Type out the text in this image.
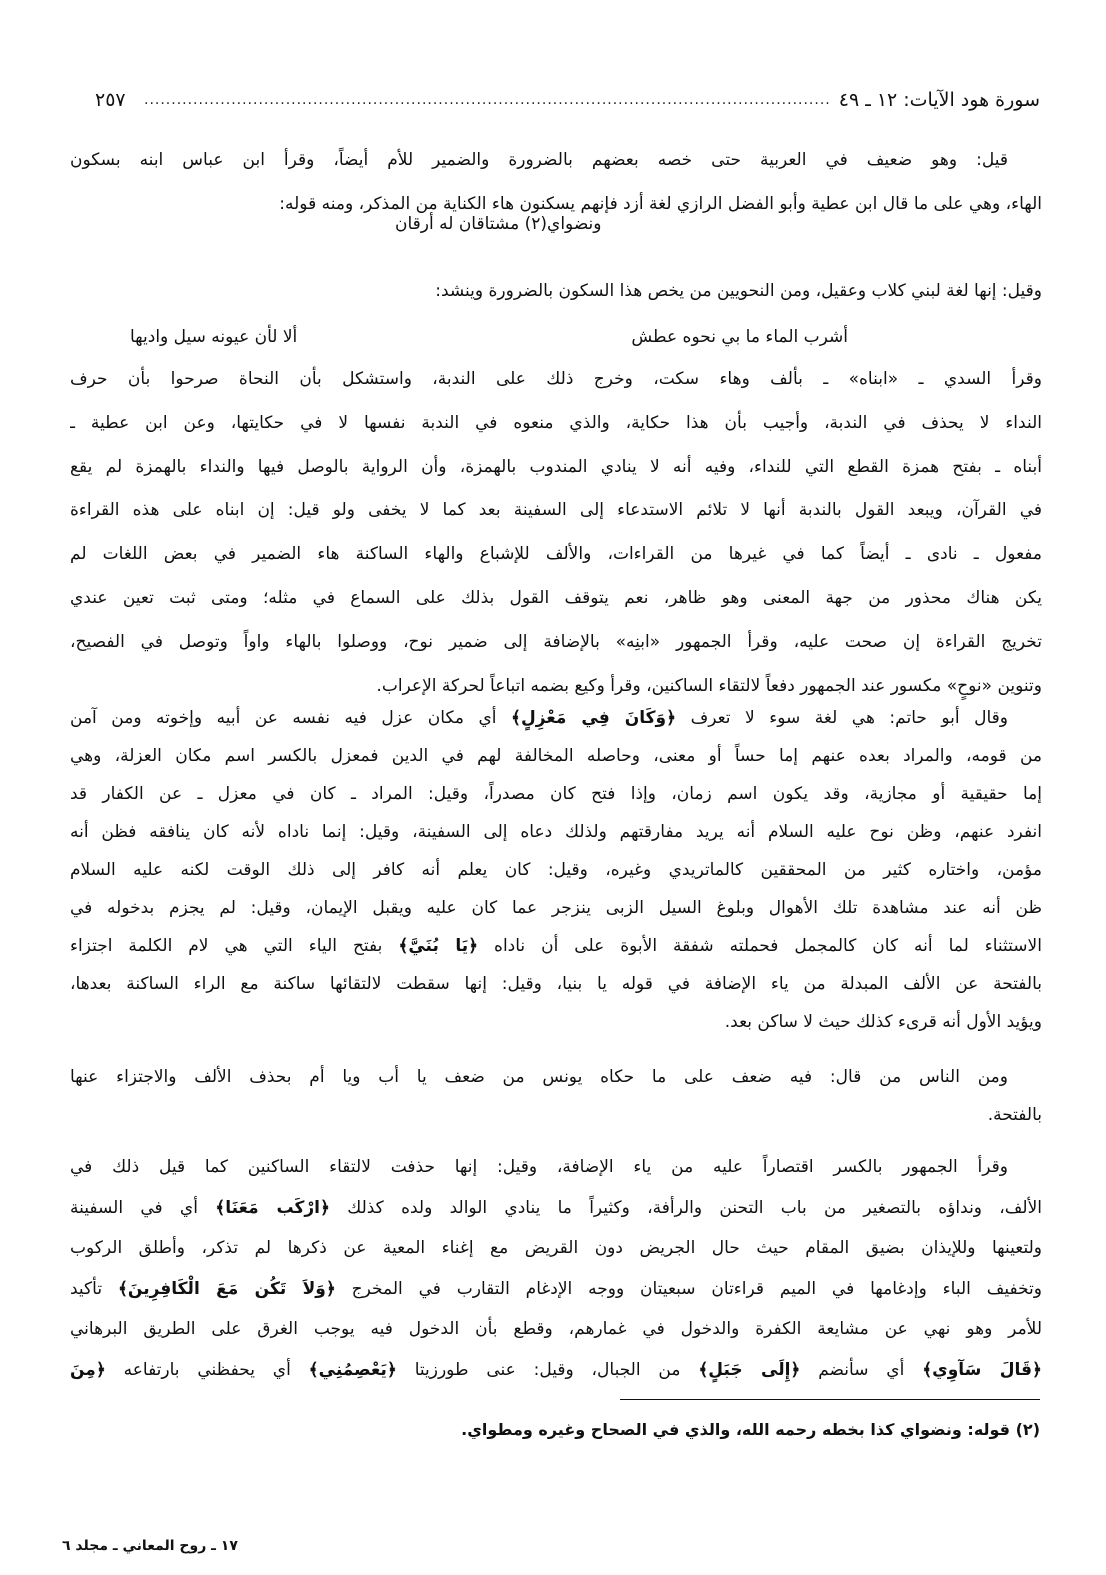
سورة هود الآيات: ١٢ ـ ٤٩
..............................................................................................................................
٢٥٧
قيل: وهو ضعيف في العربية حتى خصه بعضهم بالضرورة والضمير للأم أيضاً، وقرأ ابن عباس ابنه بسكون
الهاء، وهي على ما قال ابن عطية وأبو الفضل الرازي لغة أزد فإنهم يسكنون هاء الكناية من المذكر، ومنه قوله:
وقيل: إنها لغة لبني كلاب وعقيل، ومن النحويين من يخص هذا السكون بالضرورة وينشد:
وقرأ السدي ـ «ابناه» ـ بألف وهاء سكت، وخرج ذلك على الندبة، واستشكل بأن النحاة صرحوا بأن حرف
النداء لا يحذف في الندبة، وأجيب بأن هذا حكاية، والذي منعوه في الندبة نفسها لا في حكايتها، وعن ابن عطية ـ
أبناه ـ بفتح همزة القطع التي للنداء، وفيه أنه لا ينادي المندوب بالهمزة، وأن الرواية بالوصل فيها والنداء بالهمزة لم يقع
في القرآن، ويبعد القول بالندبة أنها لا تلائم الاستدعاء إلى السفينة بعد كما لا يخفى ولو قيل: إن ابناه على هذه القراءة
مفعول ـ نادى ـ أيضاً كما في غيرها من القراءات، والألف للإشباع والهاء الساكنة هاء الضمير في بعض اللغات لم
يكن هناك محذور من جهة المعنى وهو ظاهر، نعم يتوقف القول بذلك على السماع في مثله؛ ومتى ثبت تعين عندي
تخريج القراءة إن صحت عليه، وقرأ الجمهور «ابنِه» بالإضافة إلى ضمير نوح، ووصلوا بالهاء واواً وتوصل في الفصيح،
وتنوين «نوحٍ» مكسور عند الجمهور دفعاً لالتقاء الساكنين، وقرأ وكيع بضمه اتباعاً لحركة الإعراب.
وقال أبو حاتم: هي لغة سوء لا تعرف ﴿وَكَانَ فِي مَعْزِلٍ﴾ أي مكان عزل فيه نفسه عن أبيه وإخوته ومن آمن
من قومه، والمراد بعده عنهم إما حساً أو معنى، وحاصله المخالفة لهم في الدين فمعزل بالكسر اسم مكان العزلة، وهي
إما حقيقية أو مجازية، وقد يكون اسم زمان، وإذا فتح كان مصدراً، وقيل: المراد ـ كان في معزل ـ عن الكفار قد
انفرد عنهم، وظن نوح عليه السلام أنه يريد مفارقتهم ولذلك دعاه إلى السفينة، وقيل: إنما ناداه لأنه كان ينافقه فظن أنه
مؤمن، واختاره كثير من المحققين كالماتريدي وغيره، وقيل: كان يعلم أنه كافر إلى ذلك الوقت لكنه عليه السلام
ظن أنه عند مشاهدة تلك الأهوال وبلوغ السيل الزبى ينزجر عما كان عليه ويقبل الإيمان، وقيل: لم يجزم بدخوله في
الاستثناء لما أنه كان كالمجمل فحملته شفقة الأبوة على أن ناداه ﴿يَا بُنَيَّ﴾ بفتح الياء التي هي لام الكلمة اجتزاء
بالفتحة عن الألف المبدلة من ياء الإضافة في قوله يا بنيا، وقيل: إنها سقطت لالتقائها ساكنة مع الراء الساكنة بعدها،
ويؤيد الأول أنه قرىء كذلك حيث لا ساكن بعد.
ومن الناس من قال: فيه ضعف على ما حكاه يونس من ضعف يا أب ويا أم بحذف الألف والاجتزاء عنها
بالفتحة.
وقرأ الجمهور بالكسر اقتصاراً عليه من ياء الإضافة، وقيل: إنها حذفت لالتقاء الساكنين كما قيل ذلك في
الألف، ونداؤه بالتصغير من باب التحنن والرأفة، وكثيراً ما ينادي الوالد ولده كذلك ﴿ارْكَب مَعَنَا﴾ أي في السفينة
ولتعينها وللإيذان بضيق المقام حيث حال الجريض دون القريض مع إغناء المعية عن ذكرها لم تذكر، وأطلق الركوب
وتخفيف الباء وإدغامها في الميم قراءتان سبعيتان ووجه الإدغام التقارب في المخرج ﴿وَلاَ تَكُن مَعَ الْكَافِرِينَ﴾ تأكيد
للأمر وهو نهي عن مشايعة الكفرة والدخول في غمارهم، وقطع بأن الدخول فيه يوجب الغرق على الطريق البرهاني
﴿قَالَ سَآوِي﴾ أي سأنضم ﴿إِلَى جَبَلٍ﴾ من الجبال، وقيل: عنى طورزيتا ﴿يَعْصِمُنِي﴾ أي يحفظني بارتفاعه ﴿مِنَ
ونضواي(٢) مشتاقان له أرقان
أشرب الماء ما بي نحوه عطش
ألا لأن عيونه سيل واديها
(٢) قوله: ونضواي كذا بخطه رحمه الله، والذي في الصحاح وغيره ومطواي.
١٧ ـ روح المعاني ـ مجلد ٦
